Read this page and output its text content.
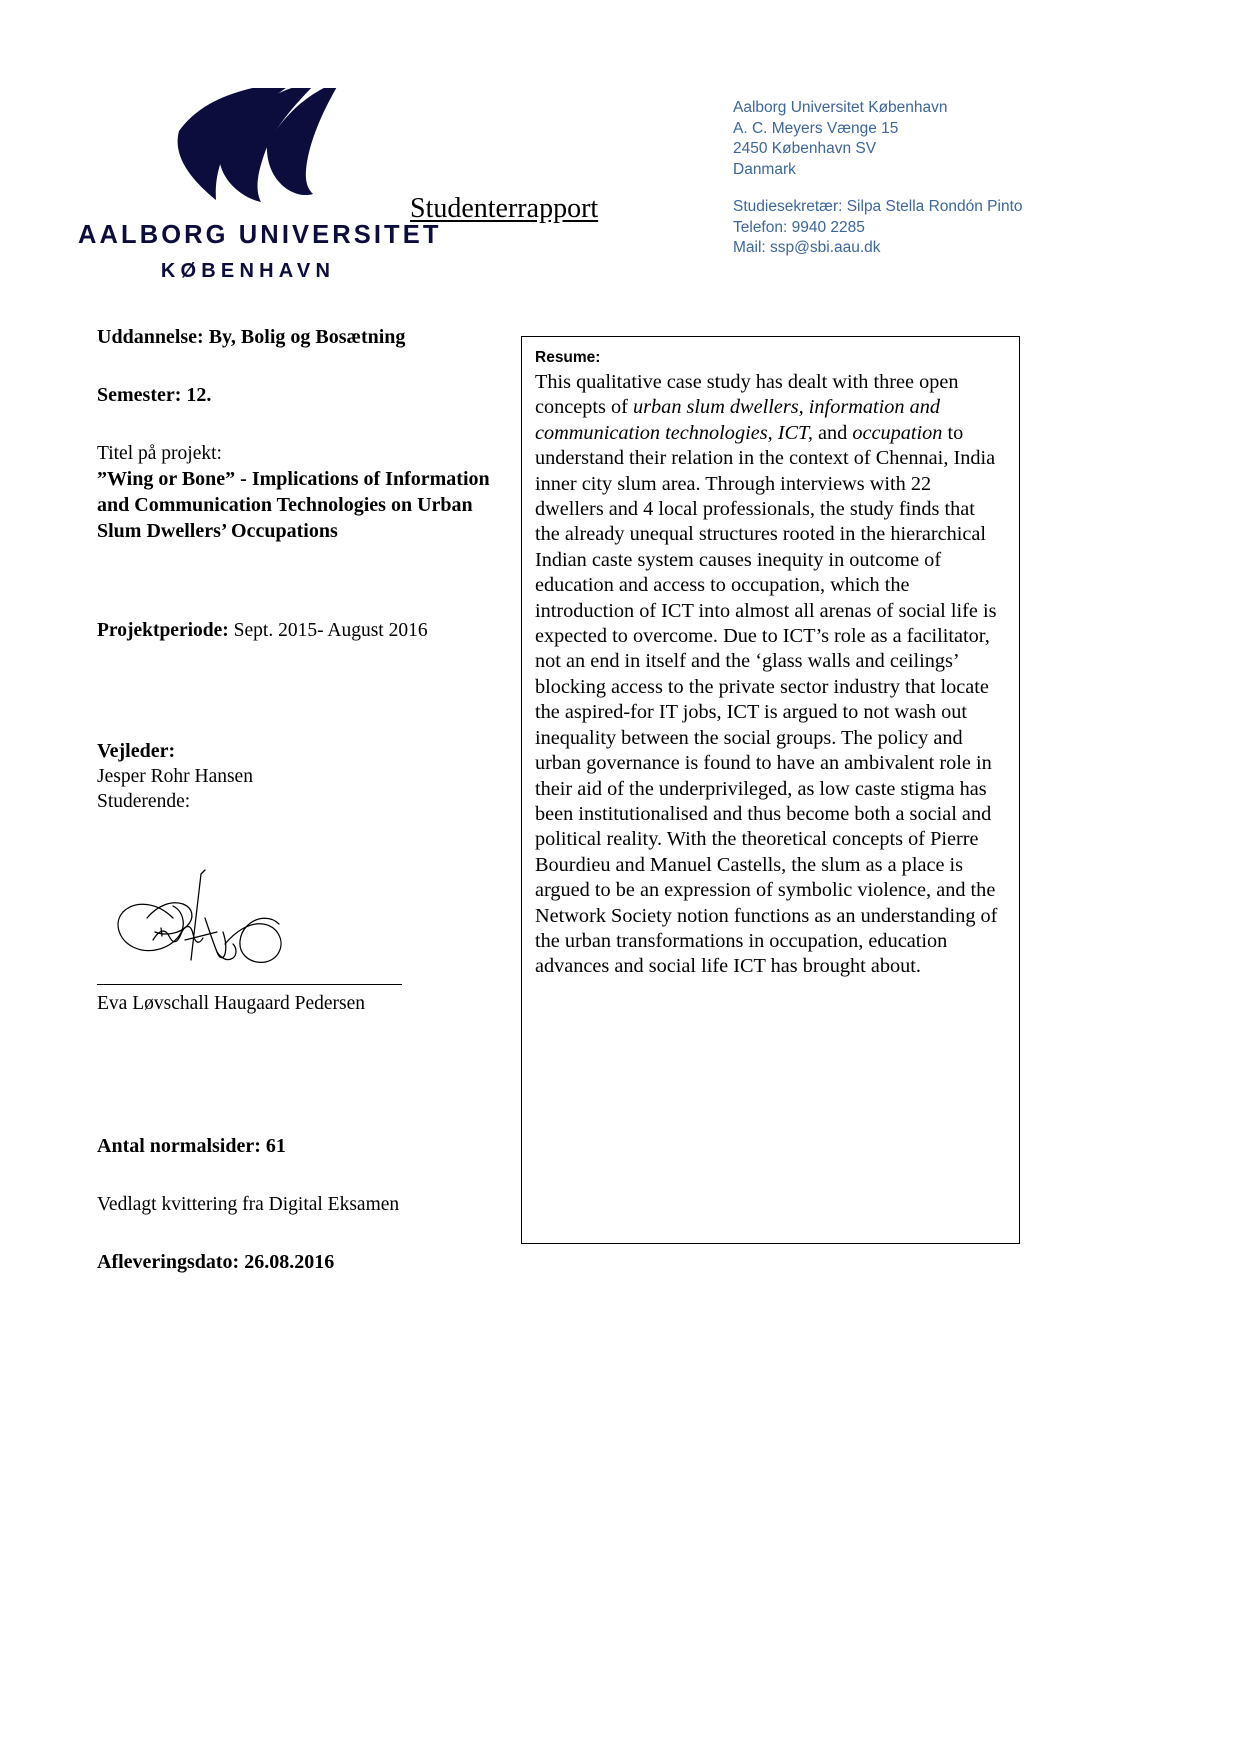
AALBORG UNIVERSITET
KØBENHAVN
Studenterrapport
Aalborg Universitet København
A. C. Meyers Vænge 15
2450 København SV
Danmark
Studiesekretær: Silpa Stella Rondón Pinto
Telefon: 9940 2285
Mail: ssp@sbi.aau.dk

Uddannelse: By, Bolig og Bosætning

Semester: 12.

Titel på projekt:

”Wing or Bone” - Implications of Information and Communication Technologies on Urban Slum Dwellers’ Occupations

Projektperiode: Sept. 2015- August 2016

Vejleder:

Jesper Rohr Hansen

Studerende:

Eva Løvschall Haugaard Pedersen

Antal normalsider: 61

Vedlagt kvittering fra Digital Eksamen

Afleveringsdato: 26.08.2016

Resume:

This qualitative case study has dealt with three open concepts of urban slum dwellers, information and communication technologies, ICT, and occupation to understand their relation in the context of Chennai, India inner city slum area. Through interviews with 22 dwellers and 4 local professionals, the study finds that the already unequal structures rooted in the hierarchical Indian caste system causes inequity in outcome of education and access to occupation, which the introduction of ICT into almost all arenas of social life is expected to overcome. Due to ICT’s role as a facilitator, not an end in itself and the ‘glass walls and ceilings’ blocking access to the private sector industry that locate the aspired-for IT jobs, ICT is argued to not wash out inequality between the social groups. The policy and urban governance is found to have an ambivalent role in their aid of the underprivileged, as low caste stigma has been institutionalised and thus become both a social and political reality. With the theoretical concepts of Pierre Bourdieu and Manuel Castells, the slum as a place is argued to be an expression of symbolic violence, and the Network Society notion functions as an understanding of the urban transformations in occupation, education advances and social life ICT has brought about.
